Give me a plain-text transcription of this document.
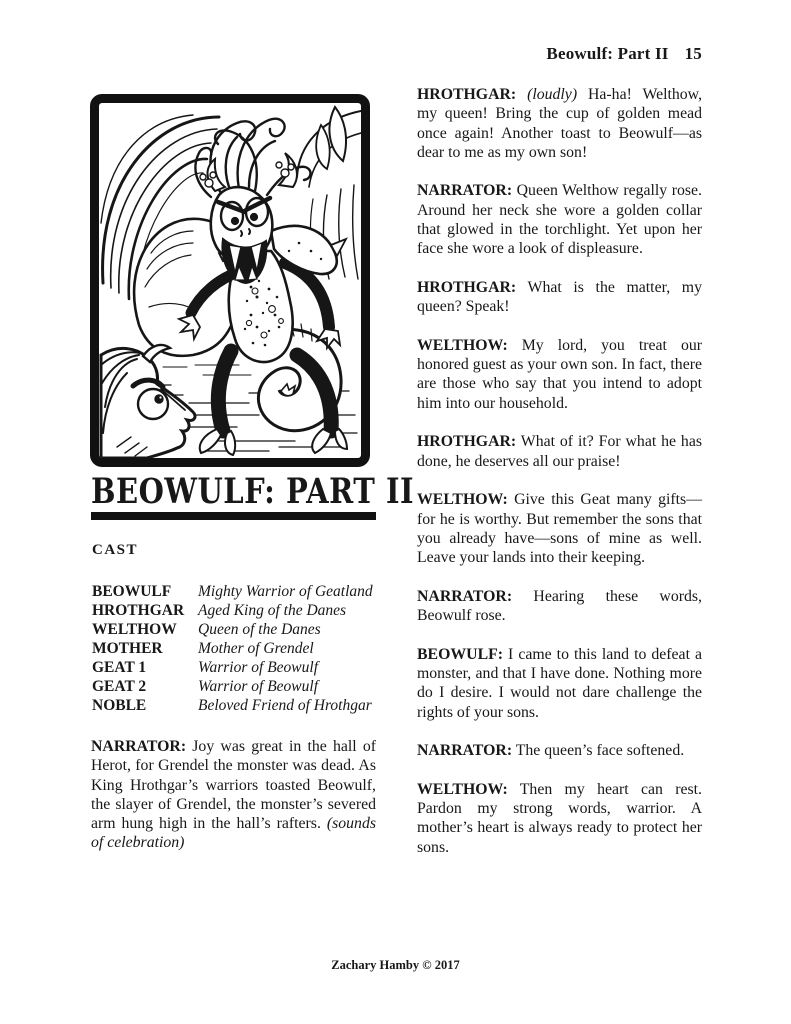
Beowulf: Part II 15
BEOWULF: PART II
CAST
BEOWULF	Mighty Warrior of Geatland
HROTHGAR Aged King of the Danes
WELTHOW	Queen of the Danes
MOTHER	Mother of Grendel
GEAT 1	Warrior of Beowulf
GEAT 2	Warrior of Beowulf
NOBLE	Beloved Friend of Hrothgar

NARRATOR: Joy was great in the hall of Herot, for Grendel the monster was dead. As King Hrothgar’s warriors toasted Beowulf, the slayer of Grendel, the monster’s severed arm hung high in the hall’s rafters. (sounds of celebration)

HROTHGAR: (loudly) Ha-ha! Welthow, my queen! Bring the cup of golden mead once again! Another toast to Beowulf—as dear to me as my own son!

NARRATOR: Queen Welthow regally rose. Around her neck she wore a golden collar that glowed in the torchlight. Yet upon her face she wore a look of displeasure.

HROTHGAR: What is the matter, my queen? Speak!

WELTHOW: My lord, you treat our honored guest as your own son. In fact, there are those who say that you intend to adopt him into our household.

HROTHGAR: What of it? For what he has done, he deserves all our praise!

WELTHOW: Give this Geat many gifts—for he is worthy. But remember the sons that you already have—sons of mine as well. Leave your lands into their keeping.

NARRATOR: Hearing these words, Beowulf rose.

BEOWULF: I came to this land to defeat a monster, and that I have done. Nothing more do I desire. I would not dare challenge the rights of your sons.

NARRATOR: The queen’s face softened.

WELTHOW: Then my heart can rest. Pardon my strong words, warrior. A mother’s heart is always ready to protect her sons.

Zachary Hamby © 2017
